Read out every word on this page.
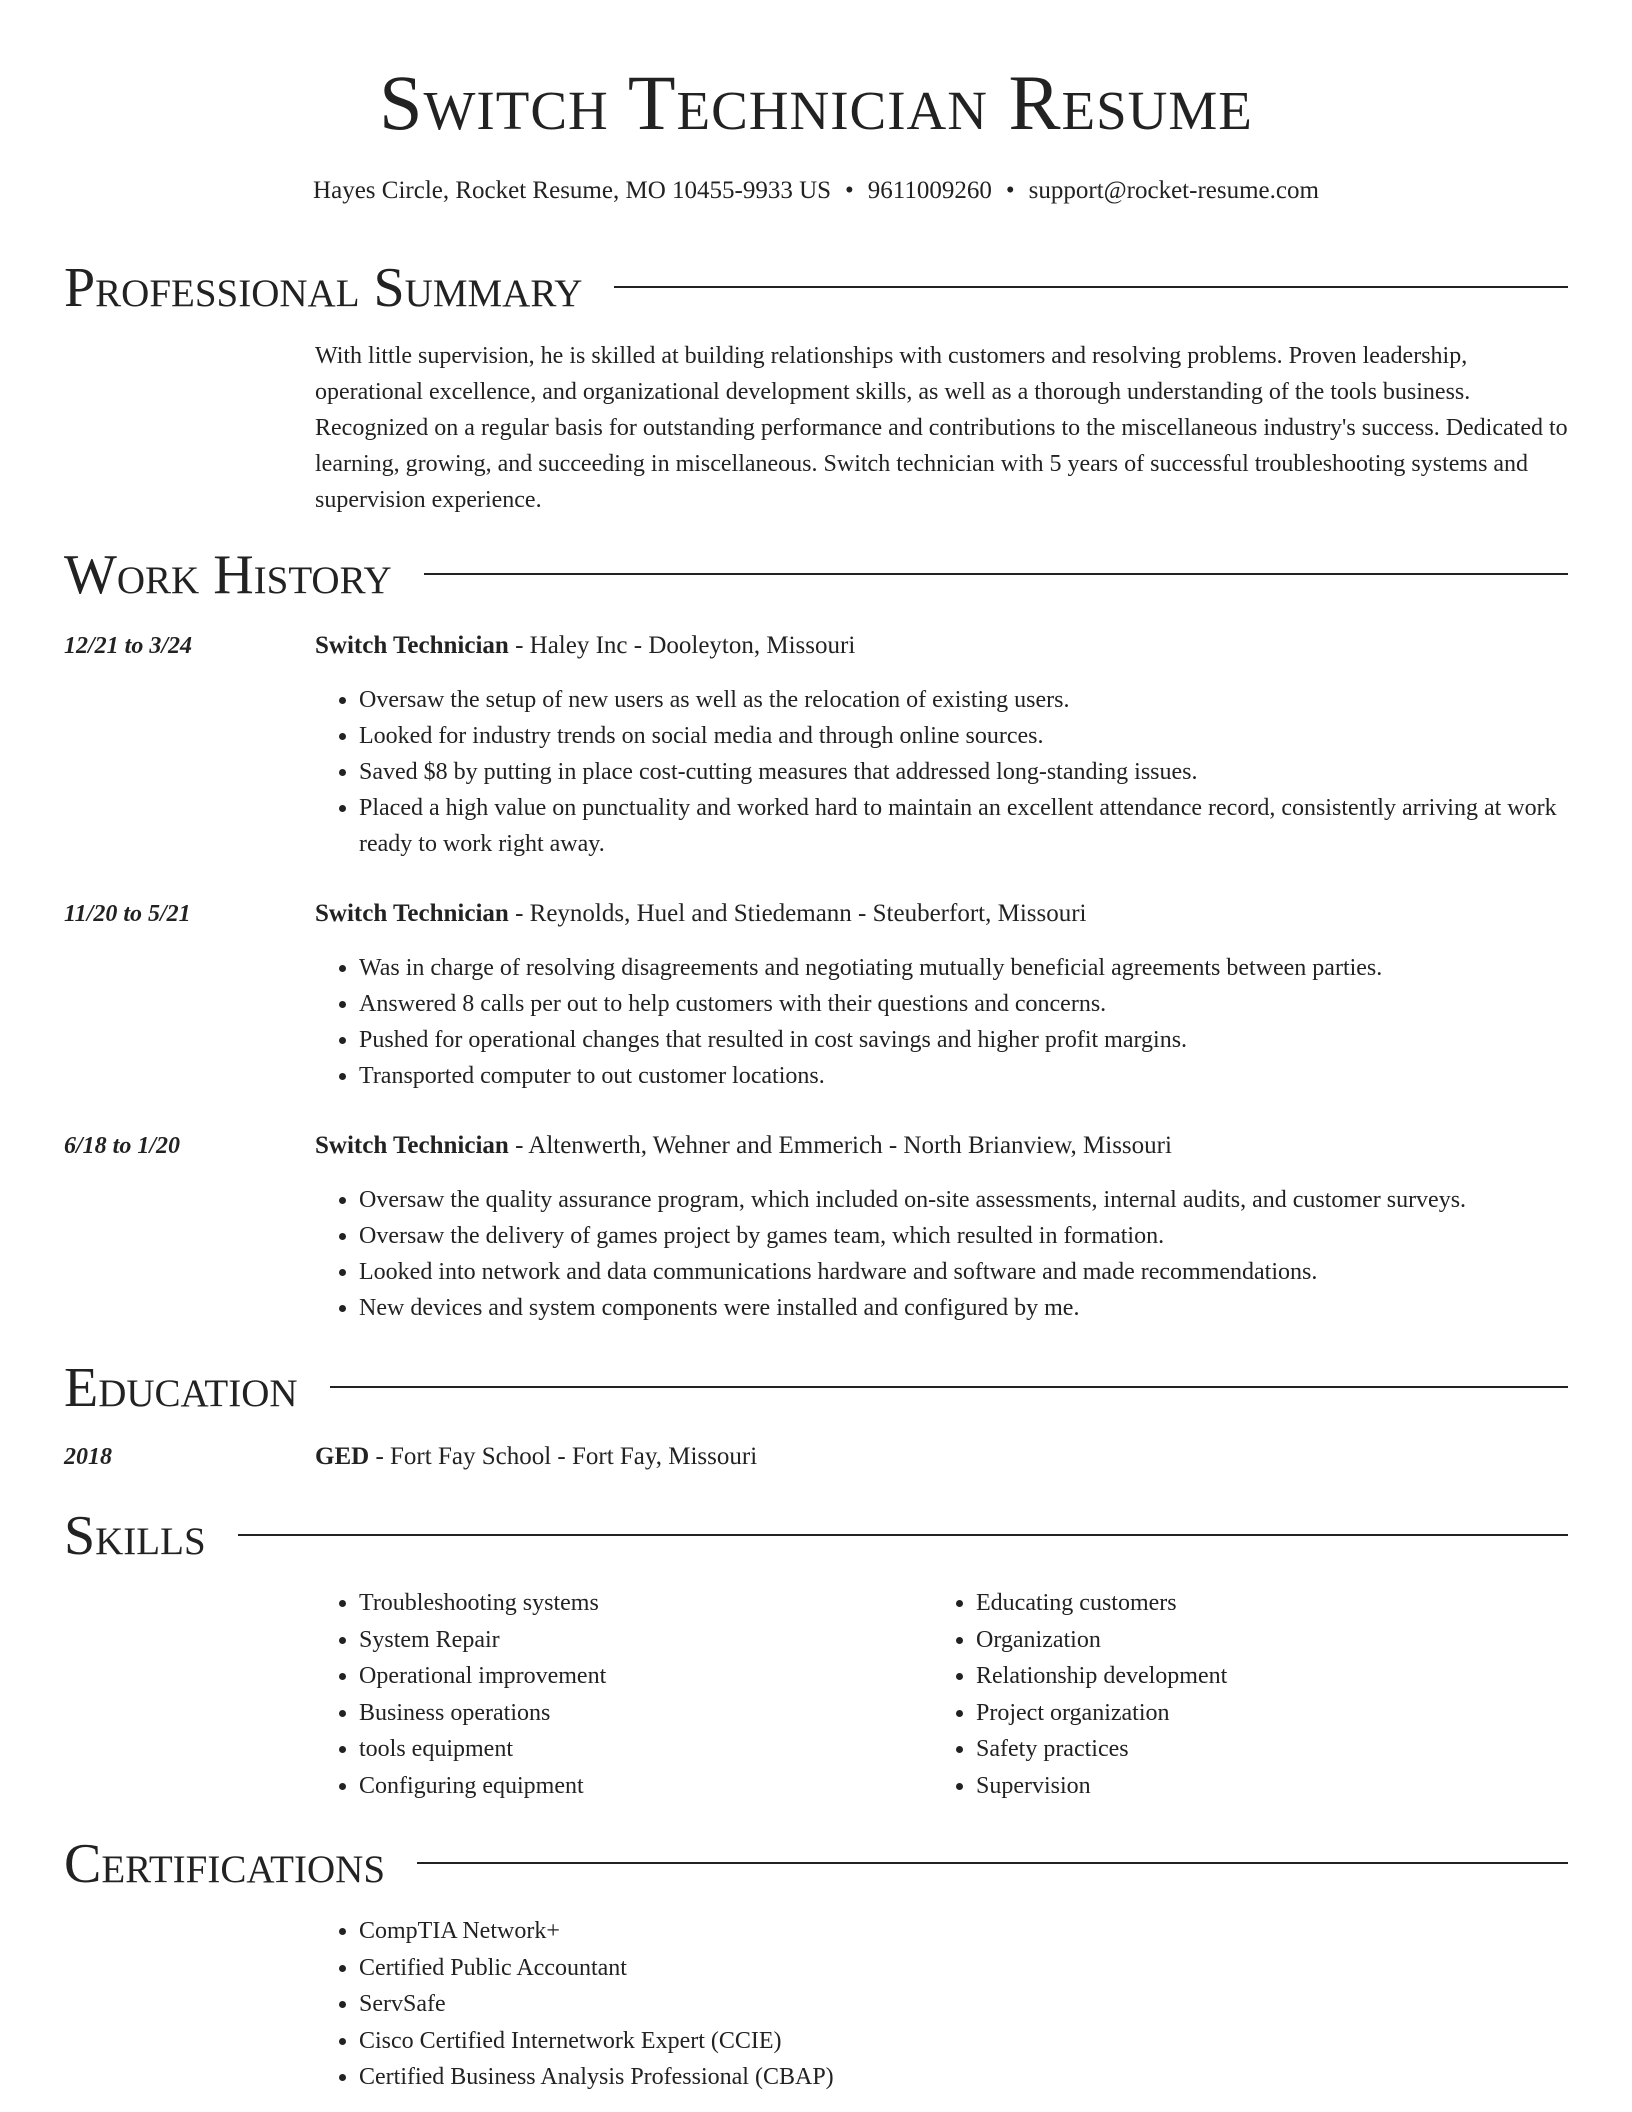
Switch Technician Resume
Hayes Circle, Rocket Resume, MO 10455-9933 US • 9611009260 • support@rocket-resume.com
Professional Summary
With little supervision, he is skilled at building relationships with customers and resolving problems. Proven leadership, operational excellence, and organizational development skills, as well as a thorough understanding of the tools business. Recognized on a regular basis for outstanding performance and contributions to the miscellaneous industry's success. Dedicated to learning, growing, and succeeding in miscellaneous. Switch technician with 5 years of successful troubleshooting systems and supervision experience.
Work History
12/21 to 3/24	Switch Technician - Haley Inc - Dooleyton, Missouri
• Oversaw the setup of new users as well as the relocation of existing users.
• Looked for industry trends on social media and through online sources.
• Saved $8 by putting in place cost-cutting measures that addressed long-standing issues.
• Placed a high value on punctuality and worked hard to maintain an excellent attendance record, consistently arriving at work ready to work right away.
11/20 to 5/21	Switch Technician - Reynolds, Huel and Stiedemann - Steuberfort, Missouri
• Was in charge of resolving disagreements and negotiating mutually beneficial agreements between parties.
• Answered 8 calls per out to help customers with their questions and concerns.
• Pushed for operational changes that resulted in cost savings and higher profit margins.
• Transported computer to out customer locations.
6/18 to 1/20	Switch Technician - Altenwerth, Wehner and Emmerich - North Brianview, Missouri
• Oversaw the quality assurance program, which included on-site assessments, internal audits, and customer surveys.
• Oversaw the delivery of games project by games team, which resulted in formation.
• Looked into network and data communications hardware and software and made recommendations.
• New devices and system components were installed and configured by me.
Education
2018	GED - Fort Fay School - Fort Fay, Missouri
Skills
• Troubleshooting systems
• System Repair
• Operational improvement
• Business operations
• tools equipment
• Configuring equipment
• Educating customers
• Organization
• Relationship development
• Project organization
• Safety practices
• Supervision
Certifications
• CompTIA Network+
• Certified Public Accountant
• ServSafe
• Cisco Certified Internetwork Expert (CCIE)
• Certified Business Analysis Professional (CBAP)
